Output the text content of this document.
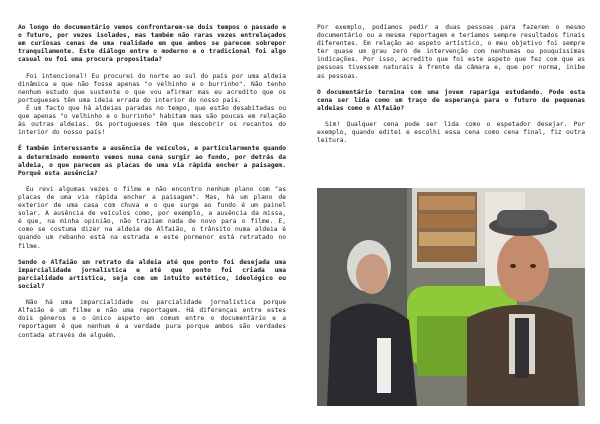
Ao longo do documentário vemos confrontarem-se dois tempos o passado e o futuro, por vezes isolados, mas também não raras vezes entrelaçados em curiosas cenas de uma realidade em que ambos se parecem sobrepor tranquilamente. Este diálogo entre o moderno e o tradicional foi algo casual ou foi uma procura propositada?

Foi intencional! Eu procurei do norte ao sul do país por uma aldeia dinâmica e que não fosse apenas "o velhinho e o burrinho". Não tenho nenhum estudo que sustente o que vou afirmar mas eu acredito que os portugueses têm uma ideia errada do interior do nosso país.

É um facto que há aldeias paradas no tempo, que estão desabitadas ou que apenas "o velhinho e o burrinho" habitam mas são poucas em relação às outras aldeias. Os portugueses têm que descobrir os recantos do interior do nosso país!

É também interessante a ausência de veículos, e particularmente quando a determinado momento vemos numa cena surgir ao fundo, por detrás da aldeia, o que parecem as placas de uma via rápida encher a paisagem. Porquê esta ausência?

Eu revi algumas vezes o filme e não encontro nenhum plano com "as placas de uma via rápida encher a paisagem". Mas, há um plano de exterior de uma casa com chuva e o que surge ao fundo é um painel solar. A ausência de veículos como, por exemplo, a ausência da missa, é que, na minha opinião, não traziam nada de novo para o filme. E, como se costuma dizer na aldeia de Alfaião, o trânsito numa aldeia é quando um rebanho está na estrada e este pormenor está retratado no filme.

Sendo o Alfaião um retrato da aldeia até que ponto foi desejada uma imparcialidade jornalística e até que ponto foi criada uma parcialidade artística, seja com um intuito estético, ideológico ou social?

Não há uma imparcialidade ou parcialidade jornalística porque Alfaião é um filme e não uma reportagem. Há diferenças entre estes dois géneros e o único aspeto em comum entre o documentário e a reportagem é que nenhum é a verdade pura porque ambos são verdades contada através de alguém.

Por exemplo, podíamos pedir a duas pessoas para fazerem o mesmo documentário ou a mesma reportagem e teríamos sempre resultados finais diferentes. Em relação ao aspeto artístico, o meu objetivo foi sempre ter quase um grau zero de intervenção com nenhumas ou pouquíssimas indicações. Por isso, acredito que foi este aspeto que fez com que as pessoas tivessem naturais à frente da câmara e, que por norma, inibe as pessoas.

O documentário termina com uma jovem rapariga estudando. Pode esta cena ser lida como um traço de esperança para o futuro de pequenas aldeias como o Alfaião?

Sim! Qualquer cena pode ser lida como o espetador desejar. Por exemplo, quando editei e escolhi essa cena como cena final, fiz outra leitura.
